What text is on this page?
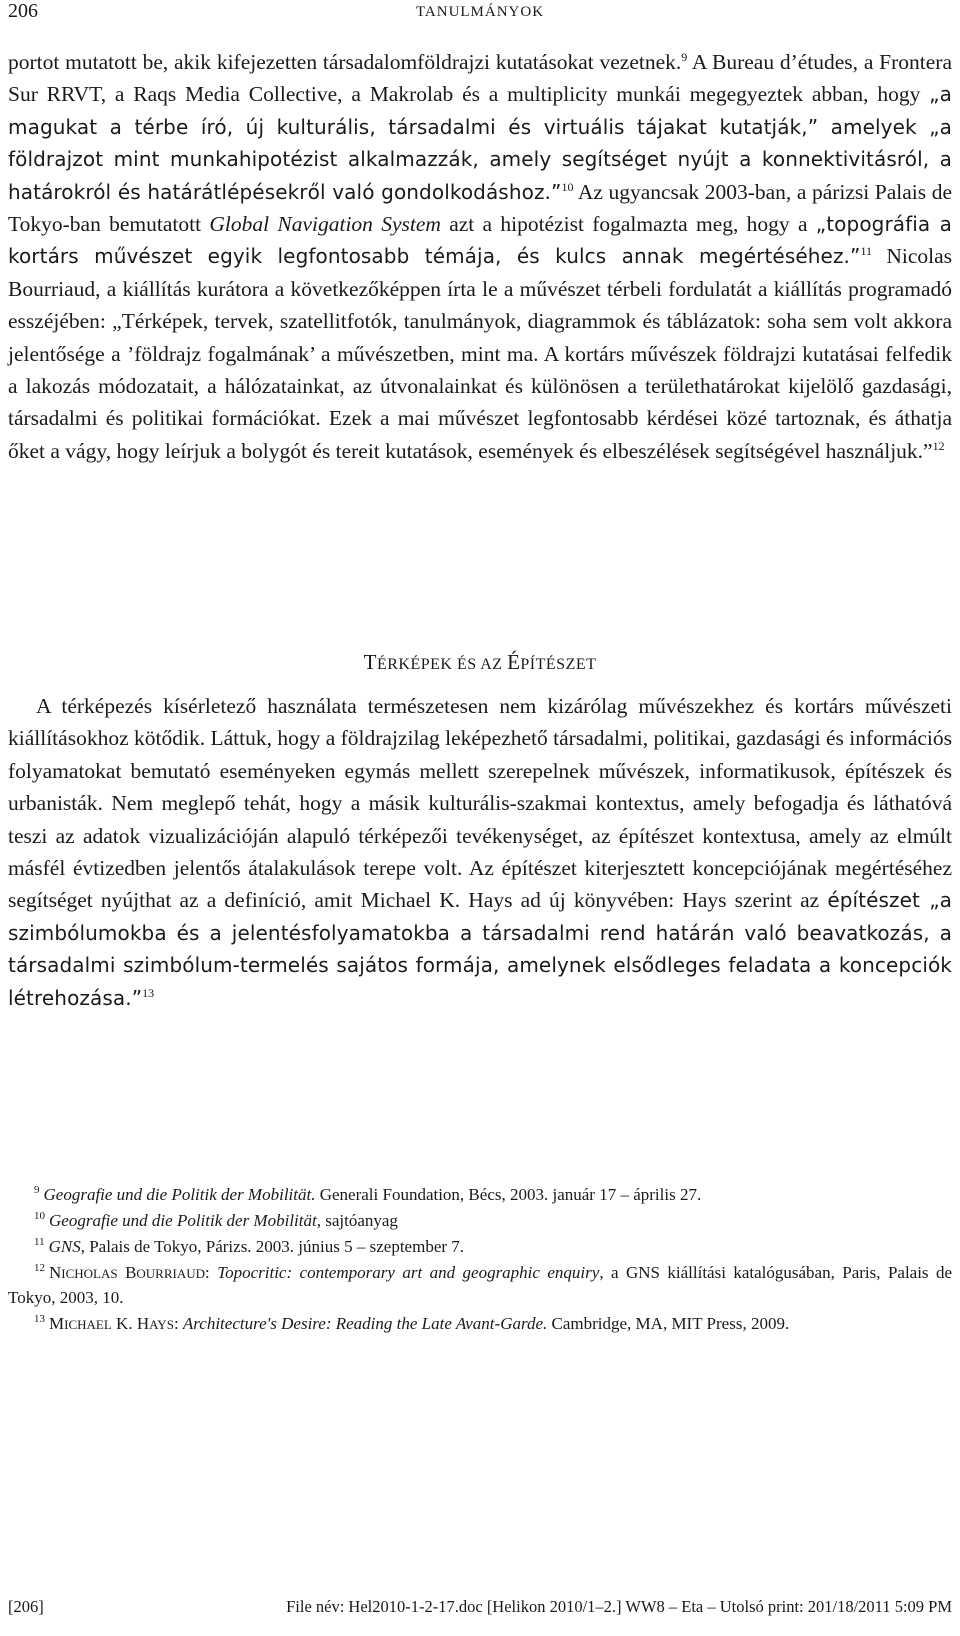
206	TANULMÁNYOK
portot mutatott be, akik kifejezetten társadalomföldrajzi kutatásokat vezetnek.$^9$ A Bureau d’études, a Frontera Sur RRVT, a Raqs Media Collective, a Makrolab és a multiplicity munkái megegyeztek abban, hogy „a magukat a térbe író, új kulturális, társadalmi és virtuális tájakat kutatják,” amelyek „a földrajzot mint munkahipotézist alkalmazzák, amely segítséget nyújt a konnektivitásról, a határokról és határátlépésekről való gondolkodáshoz.”$^{10}$ Az ugyancsak 2003-ban, a párizsi Palais de Tokyo-ban bemutatott Global Navigation System azt a hipotézist fogalmazta meg, hogy a „topográfia a kortárs művészet egyik legfontosabb témája, és kulcs annak megértéséhez.”$^{11}$ Nicolas Bourriaud, a kiállítás kurátora a következőképpen írta le a művészet térbeli fordulatát a kiállítás programadó esszéjében: „Térképek, tervek, szatellitfotók, tanulmányok, diagrammok és táblázatok: soha sem volt akkora jelentősége a ’földrajz fogalmának’ a művészetben, mint ma. A kortárs művészek földrajzi kutatásai felfedik a lakozás módozatait, a hálózatainkat, az útvonalainkat és különösen a területhatárokat kijelölő gazdasági, társadalmi és politikai formációkat. Ezek a mai művészet legfontosabb kérdései közé tartoznak, és áthatja őket a vágy, hogy leírjuk a bolygót és tereit kutatások, események és elbeszélések segítségével használjuk.”$^{12}$
TÉRKÉPEK ÉS AZ ÉPÍTÉSZET
A térképezés kísérletező használata természetesen nem kizárólag művészekhez és kortárs művészeti kiállításokhoz kötődik. Láttuk, hogy a földrajzilag leképezhető társadalmi, politikai, gazdasági és információs folyamatokat bemutató eseményeken egymás mellett szerepelnek művészek, informatikusok, építészek és urbanisták. Nem meglepő tehát, hogy a másik kulturális-szakmai kontextus, amely befogadja és láthatóvá teszi az adatok vizualizációján alapuló térképezői tevékenységet, az építészet kontextusa, amely az elmúlt másfél évtizedben jelentős átalakulások terepe volt. Az építészet kiterjesztett koncepciójának megértéséhez segítséget nyújthat az a definíció, amit Michael K. Hays ad új könyvében: Hays szerint az építészet „a szimbólumokba és a jelentésfolyamatokba a társadalmi rend határán való beavatkozás, a társadalmi szimbólum-termelés sajátos formája, amelynek elsődleges feladata a koncepciók létrehozása.”$^{13}$
$^9$ Geografie und die Politik der Mobilität. Generali Foundation, Bécs, 2003. január 17 – április 27.
$^{10}$ Geografie und die Politik der Mobilität, sajtóanyag
$^{11}$ GNS, Palais de Tokyo, Párizs. 2003. június 5 – szeptember 7.
$^{12}$ NICHOLAS BOURRIAUD: Topocritic: contemporary art and geographic enquiry, a GNS kiállítási katalógusában, Paris, Palais de Tokyo, 2003, 10.
$^{13}$ MICHAEL K. HAYS: Architecture's Desire: Reading the Late Avant-Garde. Cambridge, MA, MIT Press, 2009.
[206]	File név: Hel2010-1-2-17.doc [Helikon 2010/1–2.] WW8 – Eta – Utolsó print: 201/18/2011 5:09 PM
